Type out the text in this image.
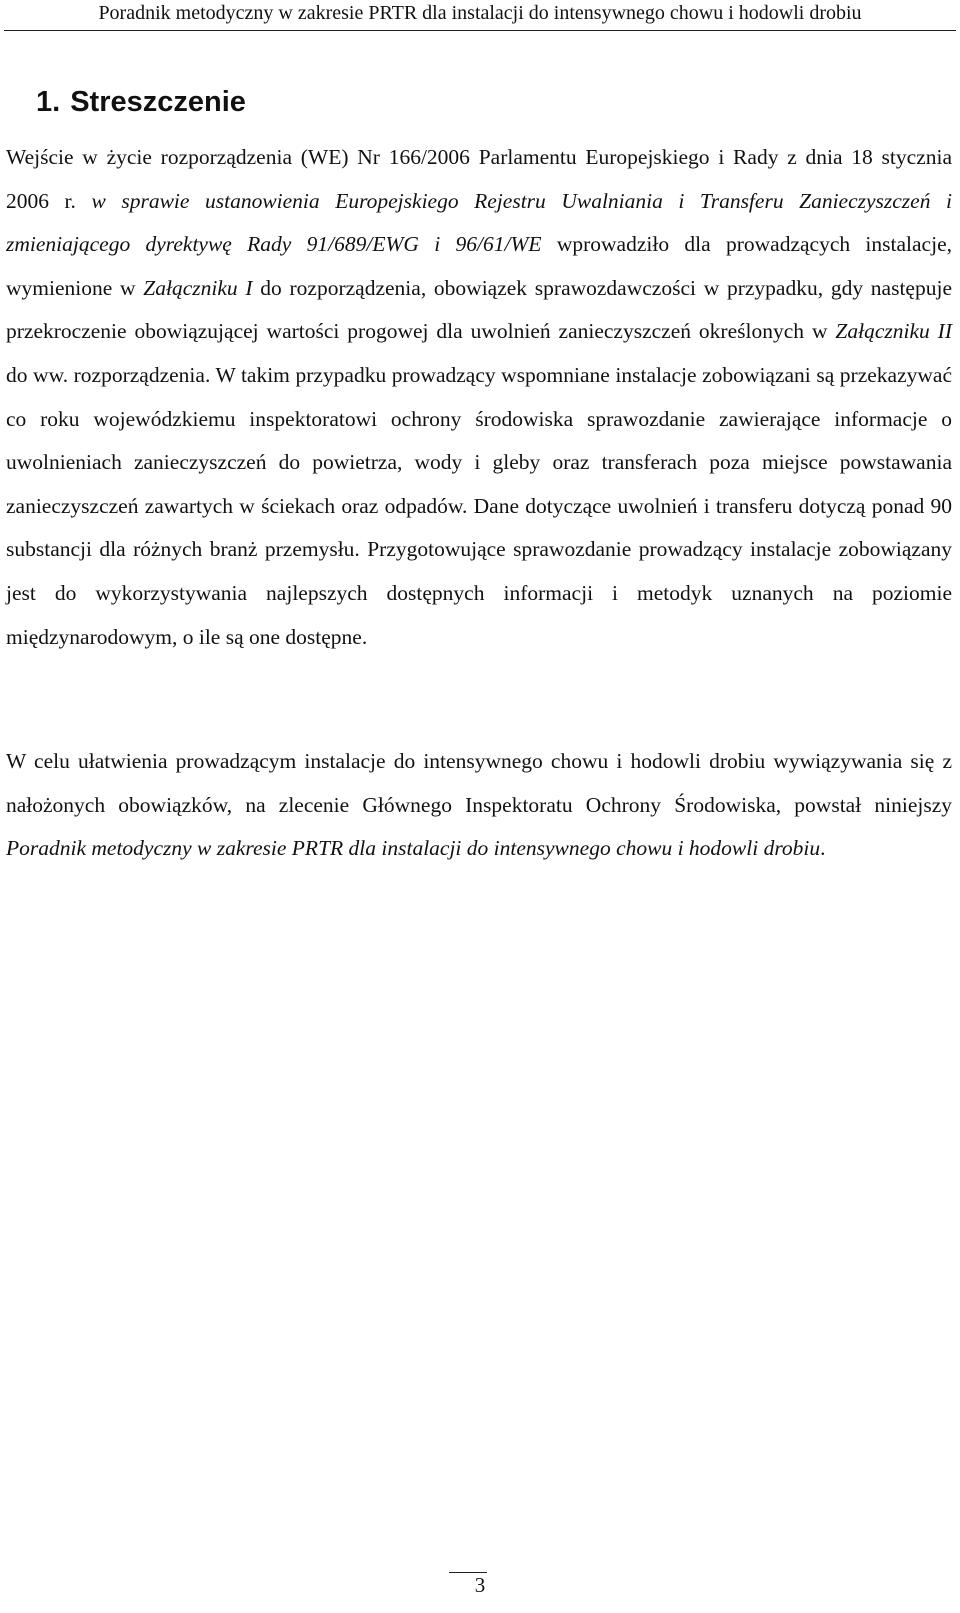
Poradnik metodyczny w zakresie PRTR dla instalacji do intensywnego chowu i hodowli drobiu
1. Streszczenie

Wejście w życie rozporządzenia (WE) Nr 166/2006 Parlamentu Europejskiego i Rady z dnia 18 stycznia 2006 r. w sprawie ustanowienia Europejskiego Rejestru Uwalniania i Transferu Zanieczyszczeń i zmieniającego dyrektywę Rady 91/689/EWG i 96/61/WE wprowadziło dla prowadzących instalacje, wymienione w Załączniku I do rozporządzenia, obowiązek sprawozdawczości w przypadku, gdy następuje przekroczenie obowiązującej wartości progowej dla uwolnień zanieczyszczeń określonych w Załączniku II do ww. rozporządzenia. W takim przypadku prowadzący wspomniane instalacje zobowiązani są przekazywać co roku wojewódzkiemu inspektoratowi ochrony środowiska sprawozdanie zawierające informacje o uwolnieniach zanieczyszczeń do powietrza, wody i gleby oraz transferach poza miejsce powstawania zanieczyszczeń zawartych w ściekach oraz odpadów. Dane dotyczące uwolnień i transferu dotyczą ponad 90 substancji dla różnych branż przemysłu. Przygotowujące sprawozdanie prowadzący instalacje zobowiązany jest do wykorzystywania najlepszych dostępnych informacji i metodyk uznanych na poziomie międzynarodowym, o ile są one dostępne.

W celu ułatwienia prowadzącym instalacje do intensywnego chowu i hodowli drobiu wywiązywania się z nałożonych obowiązków, na zlecenie Głównego Inspektoratu Ochrony Środowiska, powstał niniejszy Poradnik metodyczny w zakresie PRTR dla instalacji do intensywnego chowu i hodowli drobiu.

3
